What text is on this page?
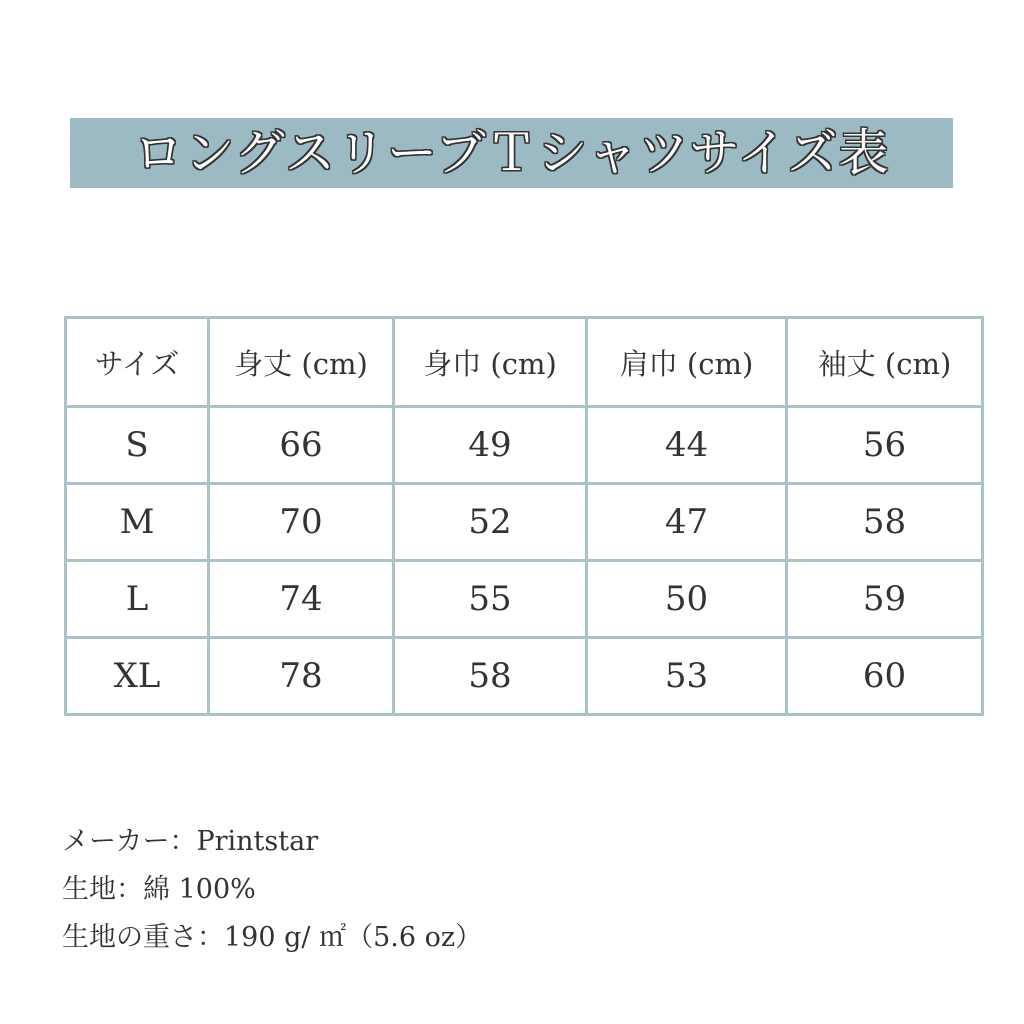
ロングスリーブＴシャツサイズ表
サイズ	身丈 (cm)	身巾 (cm)	肩巾 (cm)	袖丈 (cm)
S	66	49	44	56
M	70	52	47	58
L	74	55	50	59
XL	78	58	53	60
メーカー：Printstar
生地：綿 100%
生地の重さ：190 g/ ㎡（5.6 oz）
